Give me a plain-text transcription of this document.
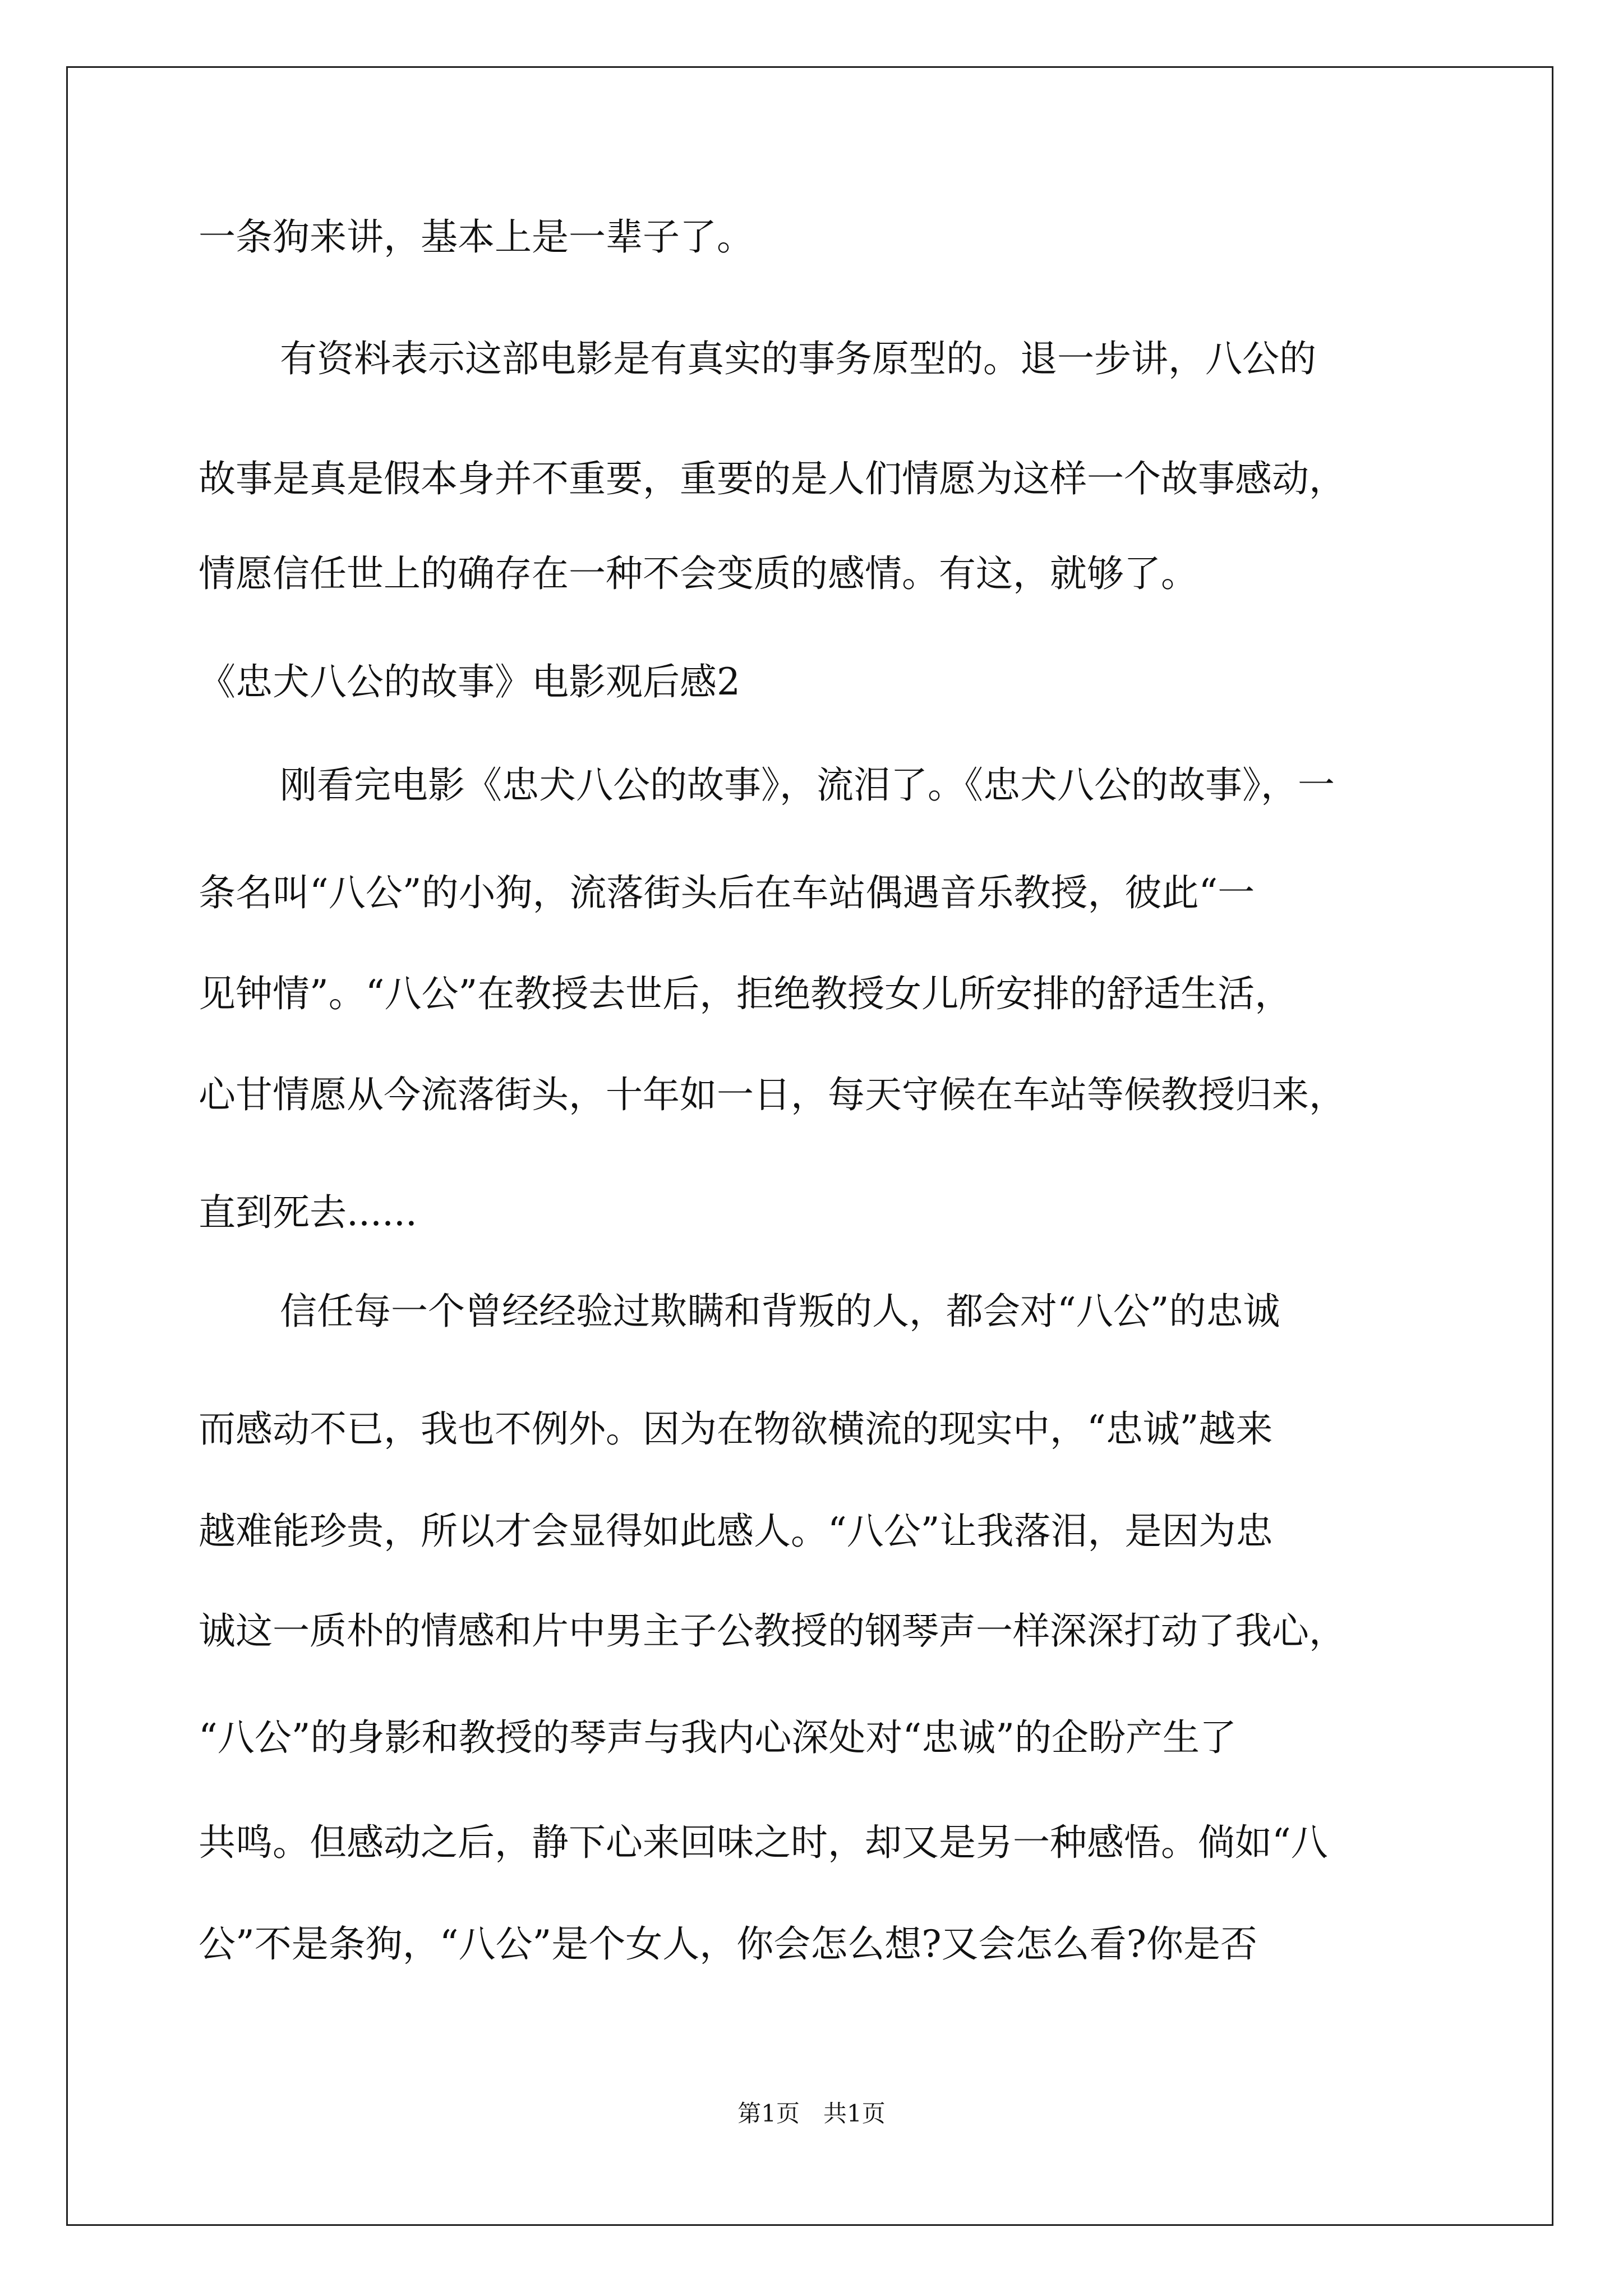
一条狗来讲，基本上是一辈子了。
有资料表示这部电影是有真实的事务原型的。退一步讲，八公的
故事是真是假本身并不重要，重要的是人们情愿为这样一个故事感动，
情愿信任世上的确存在一种不会变质的感情。有这，就够了。
《忠犬八公的故事》电影观后感2
刚看完电影《忠犬八公的故事》，流泪了。《忠犬八公的故事》，一
条名叫“八公”的小狗，流落街头后在车站偶遇音乐教授，彼此“一
见钟情”。“八公”在教授去世后，拒绝教授女儿所安排的舒适生活，
心甘情愿从今流落街头，十年如一日，每天守候在车站等候教授归来，
直到死去......
信任每一个曾经经验过欺瞒和背叛的人，都会对“八公”的忠诚
而感动不已，我也不例外。因为在物欲横流的现实中，“忠诚”越来
越难能珍贵，所以才会显得如此感人。“八公”让我落泪，是因为忠
诚这一质朴的情感和片中男主子公教授的钢琴声一样深深打动了我心，
“八公”的身影和教授的琴声与我内心深处对“忠诚”的企盼产生了
共鸣。但感动之后，静下心来回味之时，却又是另一种感悟。倘如“八
公”不是条狗，“八公”是个女人，你会怎么想?又会怎么看?你是否
第1页　共1页
